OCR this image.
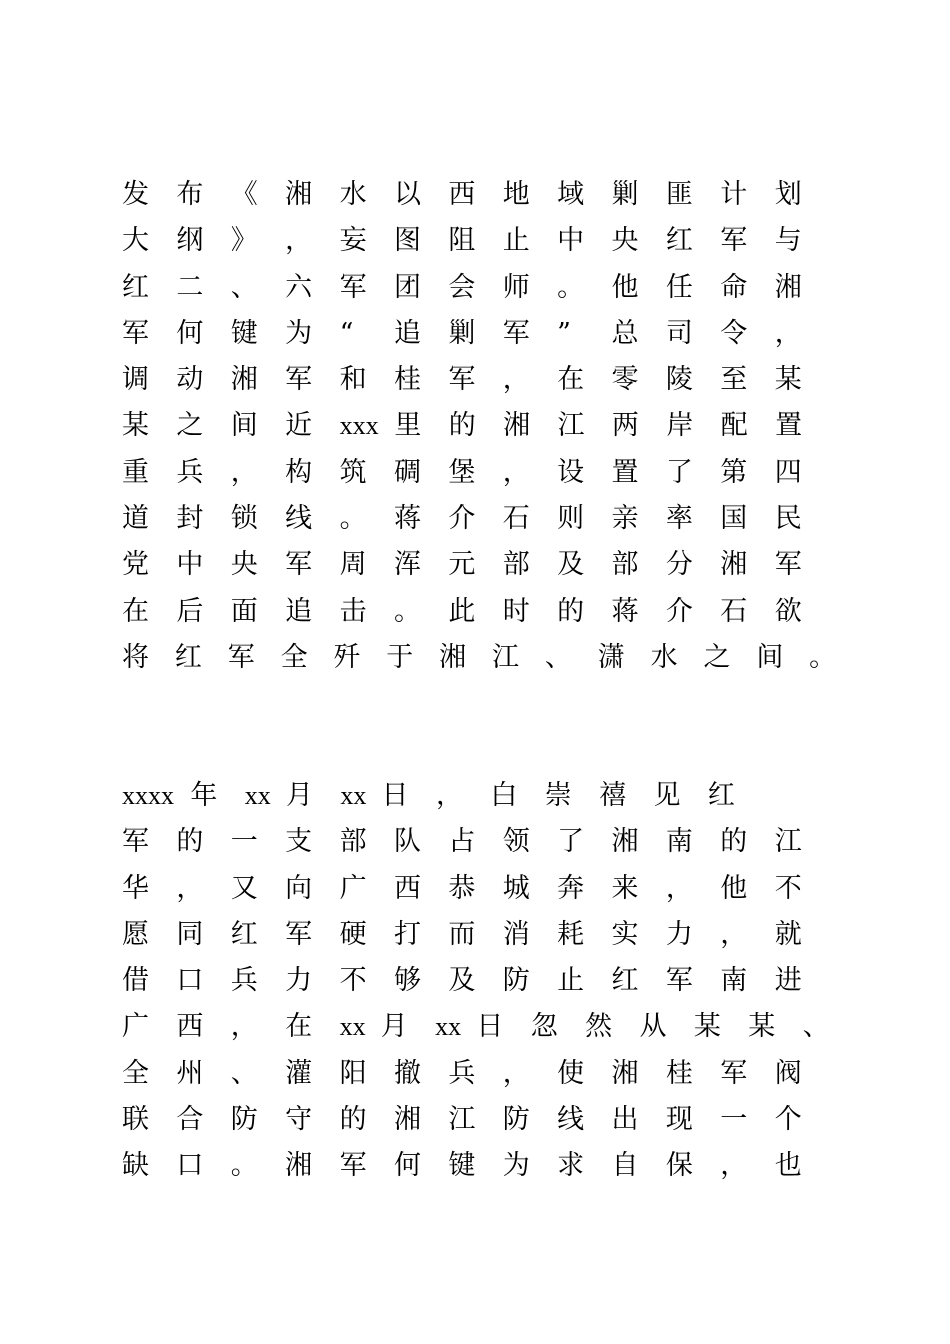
发	布	《	湘	水	以	西	地	域	剿	匪	计	划
大	纲	》	，	妄	图	阻	止	中	央	红	军	与
红	二	、	六	军	团	会	师	。	他	任	命	湘
军	何	键	为	“	追	剿	军	”	总	司	令	，
调	动	湘	军	和	桂	军	，	在	零	陵	至	某
某	之	间	近	xxx 里	的	湘	江	两	岸	配	置
重	兵	，	构	筑	碉	堡	，	设	置	了	第	四
道	封	锁	线	。	蒋	介	石	则	亲	率	国	民
党	中	央	军	周	浑	元	部	及	部	分	湘	军
在	后	面	追	击	。	此	时	的	蒋	介	石	欲
将 红 军 全 歼 于 湘 江 、 潇 水 之 间 。
xxxx 年	xx 月	xx 日	，	白	崇	禧	见	红
军	的	一	支	部	队	占	领	了	湘	南	的	江
华	，	又	向	广	西	恭	城	奔	来	，	他	不
愿	同	红	军	硬	打	而	消	耗	实	力	，	就
借	口	兵	力	不	够	及	防	止	红	军	南	进
广	西	，	在	xx 月	xx 日	忽	然	从	某	某	、
全	州	、	灌	阳	撤	兵	，	使	湘	桂	军	阀
联	合	防	守	的	湘	江	防	线	出	现	一	个
缺	口	。	湘	军	何	键	为	求	自	保	，	也
